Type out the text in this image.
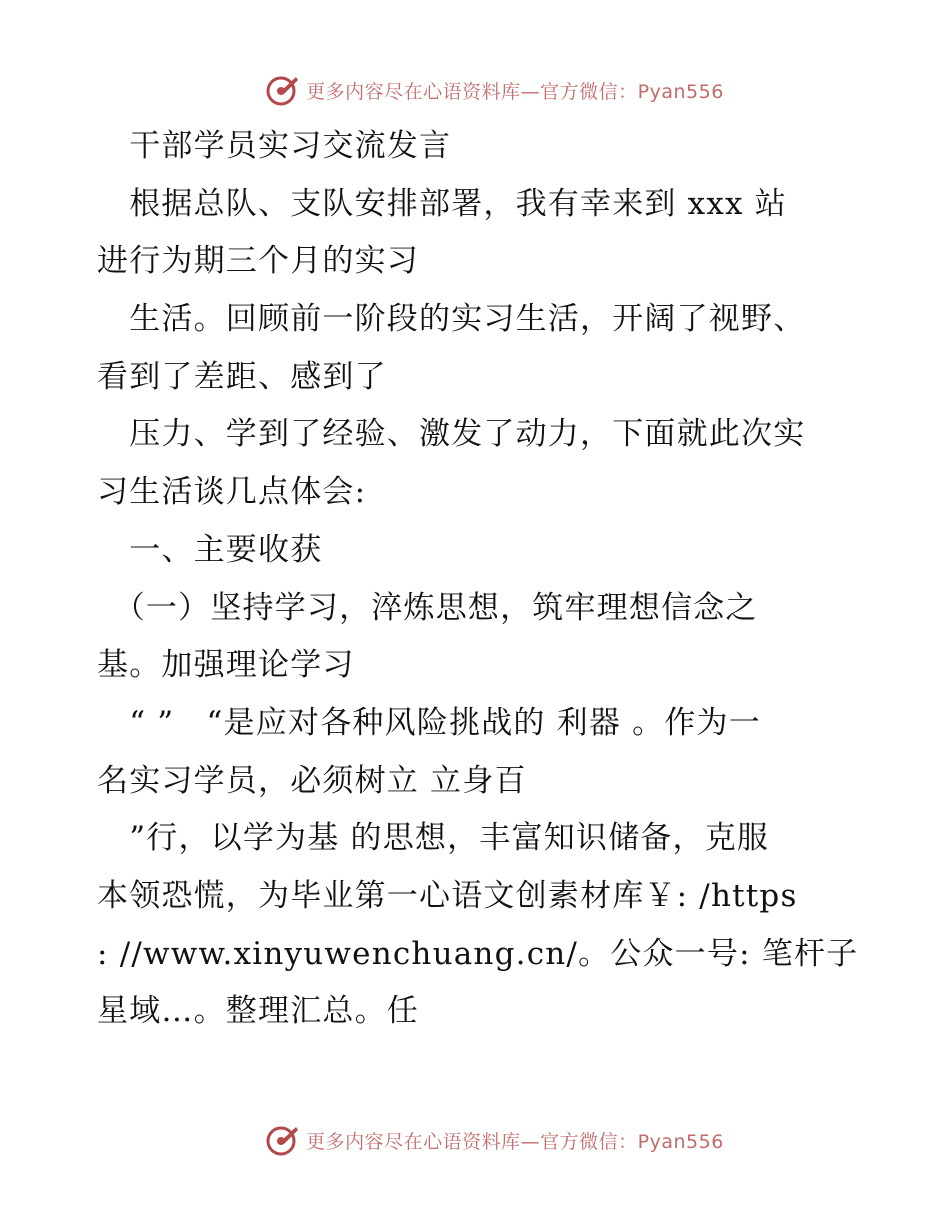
更多内容尽在心语资料库—官方微信：Pyan556
　干部学员实习交流发言
　根据总队、支队安排部署，我有幸来到 xxx 站
进行为期三个月的实习
　生活。回顾前一阶段的实习生活，开阔了视野、
看到了差距、感到了
　压力、学到了经验、激发了动力，下面就此次实
习生活谈几点体会:
　一、主要收获
　（一）坚持学习，淬炼思想，筑牢理想信念之
基。加强理论学习
　“ ”　“是应对各种风险挑战的 利器 。作为一
名实习学员，必须树立 立身百
　”行，以学为基 的思想，丰富知识储备，克服
本领恐慌，为毕业第一心语文创素材库￥: /https
: //www.xinyuwenchuang.cn/。公众一号: 笔杆子
星域…。整理汇总。任
更多内容尽在心语资料库—官方微信：Pyan556
